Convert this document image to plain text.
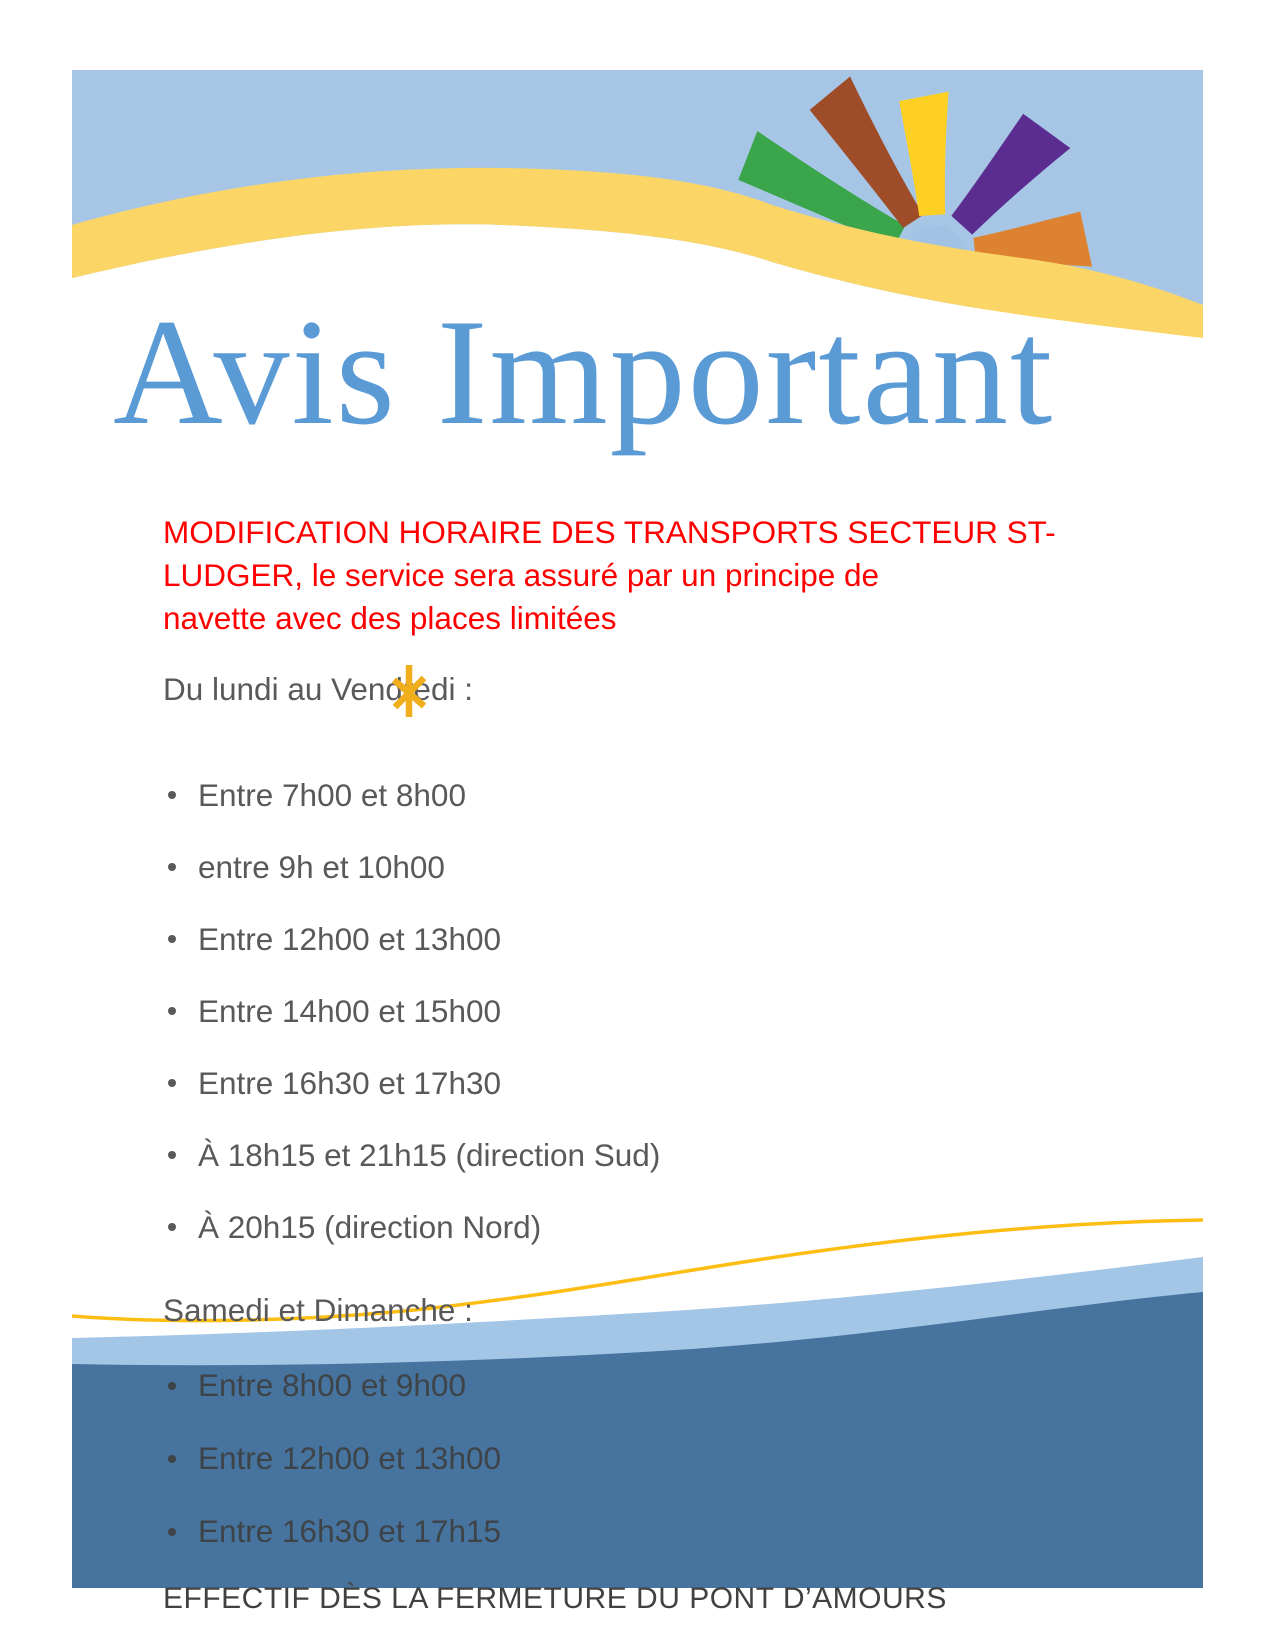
Avis Important
MODIFICATION HORAIRE DES TRANSPORTS SECTEUR ST-
LUDGER, le service sera assuré par un principe de
navette avec des places limitées
Du lundi au Vendredi :
Entre 7h00 et 8h00
entre 9h et 10h00
Entre 12h00 et 13h00
Entre 14h00 et 15h00
Entre 16h30 et 17h30
À 18h15 et 21h15 (direction Sud)
À 20h15 (direction Nord)
Samedi et Dimanche :
Entre 8h00 et 9h00
Entre 12h00 et 13h00
Entre 16h30 et 17h15
EFFECTIF DÈS LA FERMETURE DU PONT D’AMOURS
